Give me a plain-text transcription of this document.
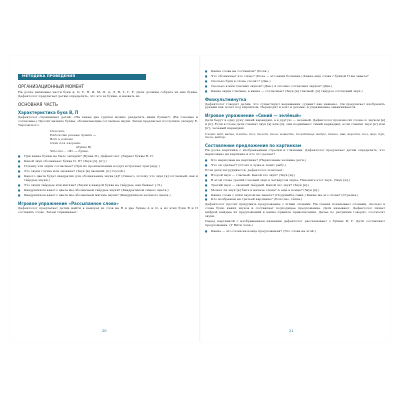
МЕТОДИКА ПРОВЕДЕНИЯ
ОРГАНИЗАЦИОННЫЙ МОМЕНТ

На доске написаны части букв А, О, У, Н, И, М, П, А, Л, Я, Т, Г, Е. Дети должны собрать из них буквы. Дефектолог предлагает детям определить, что это за буквы, и назвать их.

ОСНОВНАЯ ЧАСТЬ
Характеристика букв В, П

Дефектолог спрашивает детей: «На какие две группы можно разделить наши буквы?» (На гласные и согласные.) Просит назвать буквы, обозначающие согласные звуки. Затем предлагает послушать загадку Е. Тарловского:

Палочка,
Рядом две разные дужки —
Вот и готова
Очки для лягушки.
(Буква В)
Что-то… «Ф» — буква.
■ При какие буквы не было загадки? (Буква П.) Дефектолог убирает буквы В, П.
■ Какой звук обозначает буква П, П? (Звук [п], [п'].)
■ Почему эти звуки согласные? (При их произношении воздух встречает преграду.)
■ Это звуки глухие или звонкие? (Звук [в] звонкий, [п] глухой.)
■ Какого цвета будет квадратик для обозначения звука [в]? (Синего, потому что звук [в] согласный, как и твёрдые звуки.)
■ Это звуки твёрдые или мягкие? (Звуки в каждой букве не твёрдые, как бывает у П.)
■ Квадратиком какого цвета мы обозначаем твёрдые звуки? (Квадратиком синего цвета.)
■ Квадратиком какого цвета мы обозначаем мягкие звуки? (Квадратиком зелёного цвета.)
Игровое упражнение «Рассыпанное слово»

Дефектолог предлагает детям найти в каждом из слов на В и две буквы А и О, а из этих букв В и П составить слово. Затем спрашивает:

20
■ Какие слова вы составили? (Поля.)
■ Что обозначает это слово? (Поле — это наша большая.) Какие ещё слова с буквой П вы знаете?
■ Сколько букв в слове «поля»? (Две.)
■ Сколько в нём гласных звуков? (Два.) А сколько согласных звуков? (Два.)
■ Какие звуки гласные, а какие — согласные? (Звук [а] гласный, [п] твёрдое согласный звук.)
Физкультминутка

Дефектолог говорит детям, что существуют выражения «удавит как камень». Он предлагает изобразить руками как полет под кирпичом. Переходит в зонт и детьми, и упражнение заканчивается.

Игровое упражнение «Синий — зелёный»

Дети берут в одну руку синий карандаш, а в другую — зелёный. Дефектолог произносит слова со звуком [в] и [п]. Если в слове дети слышат звук [в] или [п], они поднимают синий карандаш, если слышат звук [в'] или [п'], зелёный карандаш.

Слова: вид, весна, плита, пол, пилот, пила, новость, полотенце, ведро, пенал, ива, ворота, пол, мор, пук, пила, ветер.

Составление предложения по картинкам

На доске картинки с изображением стрелки и глазками. Дефектолог предлагает детям определить, что нарисовано на картинке и кто что делает?

■ Кто нарисован на картинке? (Нарисованы зелёные дети.)
■ Что он сделает? (Стоит в луже и ловит рыбу.)

Если дети затрудняются, дефектолог помогает:

■ Второй звук — гласный. Какой это звук? (Звук [и].)
■ В этом слове третий гласный звук в четвёртом звуке. Назовите этот звук. (Звук [и].)
■ Третий звук — звонкий твёрдый. Какой это звук? (Звук [в].)
■ Может ли звук [в] быть в начале слова? А ещё в конце? (Звук [в].)
■ Какие слова с этим звуком вы знаете? (Подумайте сами.) Какие же это слова? (Стрелка.)
■ Кто изображён на третьей картинке? (Полотно, тёлка.)

Дефектолог просит придумать предложение с этими словами. На схемах показывает словами, сколько в слове букв, каких звуков и составляет подходящее предложение. Дети называют. Дефектолог пишет цифрой каждые из предложений в какие правила правописания. Далее по рисункам говорят, соотносят звуки.

Перед картинкой с изображением названия дефектолог рассказывает о буквах В, У. Дети составляют предложения. (У Вити лопа.)

■ Какие — это слова на конце предложения? (Это слова на этой.)
21
